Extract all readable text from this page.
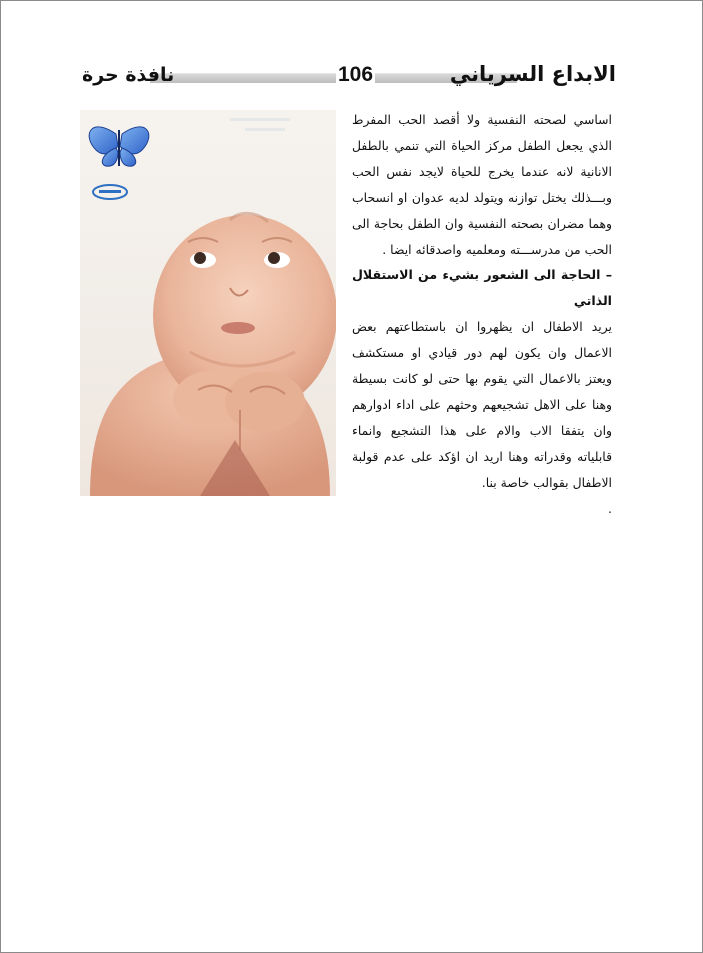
نافذة حرة	106	الابداع السرياني

اساسي لصحته النفسية ولا أقصد الحب المفرط الذي يجعل الطفل مركز الحياة التي تنمي بالطفل الانانية لانه عندما يخرج للحياة لايجد نفس الحب وبـــذلك يختل توازنه ويتولد لديه عدوان او انسحاب وهما مضران بصحته النفسية وان الطفل بحاجة الى الحب من مدرســـته ومعلميه واصدقائه ايضا .

– الحاجة الى الشعور بشيء من الاستقلال الذاتي

يريد الاطفال ان يظهروا ان باستطاعتهم بعض الاعمال وان يكون لهم دور قيادي او مستكشف ويعتز بالاعمال التي يقوم بها حتى لو كانت بسيطة وهنا على الاهل تشجيعهم وحثهم على اداء ادوارهم وان يتفقا الاب والام على هذا التشجيع وانماء قابلياته وقدراته وهنا اريد ان اؤكد على عدم قولبة الاطفال بقوالب خاصة بنا.

.
